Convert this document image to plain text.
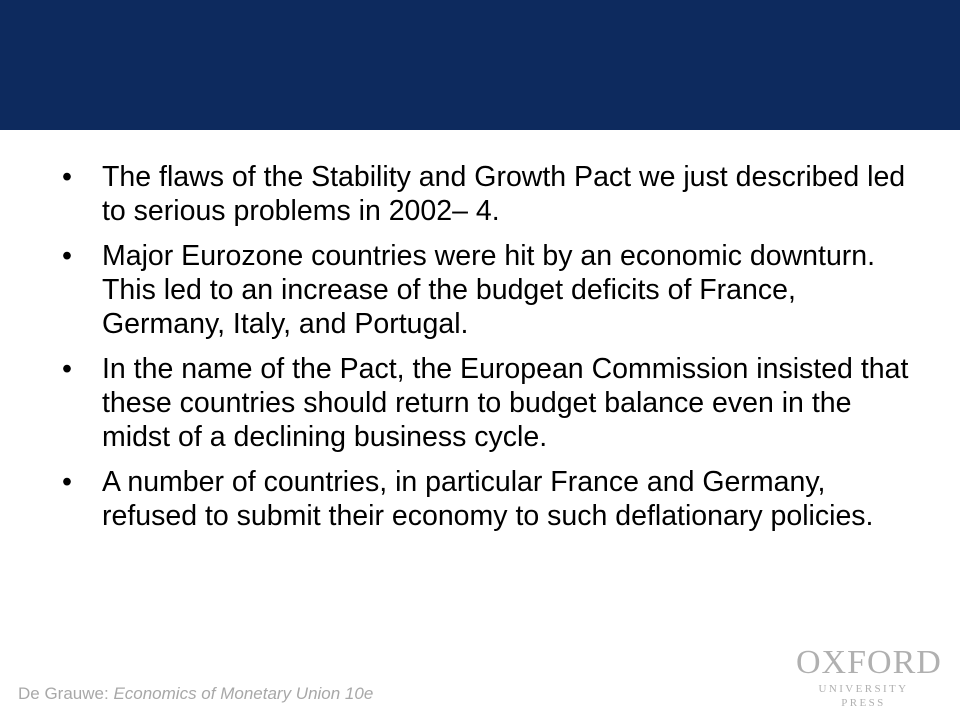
•	The flaws of the Stability and Growth Pact we just described led to serious problems in 2002– 4.
•	Major Eurozone countries were hit by an economic downturn. This led to an increase of the budget deficits of France, Germany, Italy, and Portugal.
•	In the name of the Pact, the European Commission insisted that these countries should return to budget balance even in the midst of a declining business cycle.
•	A number of countries, in particular France and Germany, refused to submit their economy to such deflationary policies.
De Grauwe: Economics of Monetary Union 10e
OXFORD
UNIVERSITY PRESS
